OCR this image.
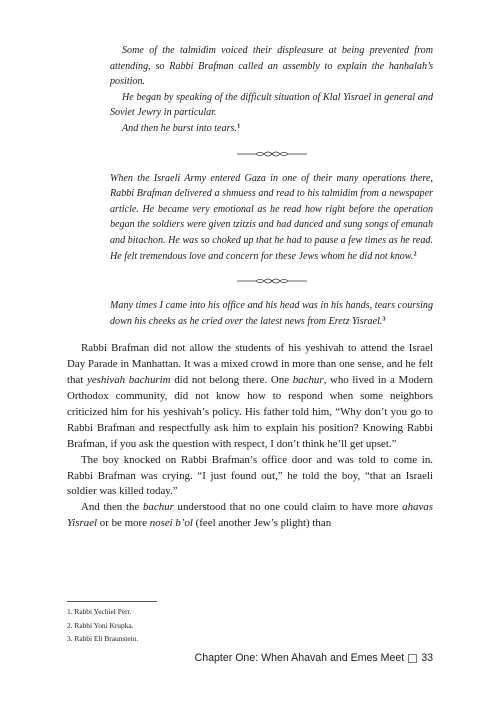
Some of the talmidim voiced their displeasure at being prevented from attending, so Rabbi Brafman called an assembly to explain the hanhalah’s position.

He began by speaking of the difficult situation of Klal Yisrael in general and Soviet Jewry in particular.

And then he burst into tears.$^1$

When the Israeli Army entered Gaza in one of their many operations there, Rabbi Brafman delivered a shmuess and read to his talmidim from a newspaper article. He became very emotional as he read how right before the operation began the soldiers were given tzitzis and had danced and sung songs of emunah and bitachon. He was so choked up that he had to pause a few times as he read. He felt tremendous love and concern for these Jews whom he did not know.$^2$

Many times I came into his office and his head was in his hands, tears coursing down his cheeks as he cried over the latest news from Eretz Yisrael.$^3$

Rabbi Brafman did not allow the students of his yeshivah to attend the Israel Day Parade in Manhattan. It was a mixed crowd in more than one sense, and he felt that yeshivah bachurim did not belong there. One bachur, who lived in a Modern Orthodox community, did not know how to respond when some neighbors criticized him for his yeshivah’s policy. His father told him, “Why don’t you go to Rabbi Brafman and respectfully ask him to explain his position? Knowing Rabbi Brafman, if you ask the question with respect, I don’t think he’ll get upset.”

The boy knocked on Rabbi Brafman’s office door and was told to come in. Rabbi Brafman was crying. “I just found out,” he told the boy, “that an Israeli soldier was killed today.”

And then the bachur understood that no one could claim to have more ahavas Yisrael or be more nosei b’ol (feel another Jew’s plight) than

1. Rabbi Yechiel Perr.
2. Rabbi Yoni Krupka.
3. Rabbi Eli Braunstein.
Chapter One: When Ahavah and Emes Meet 33
